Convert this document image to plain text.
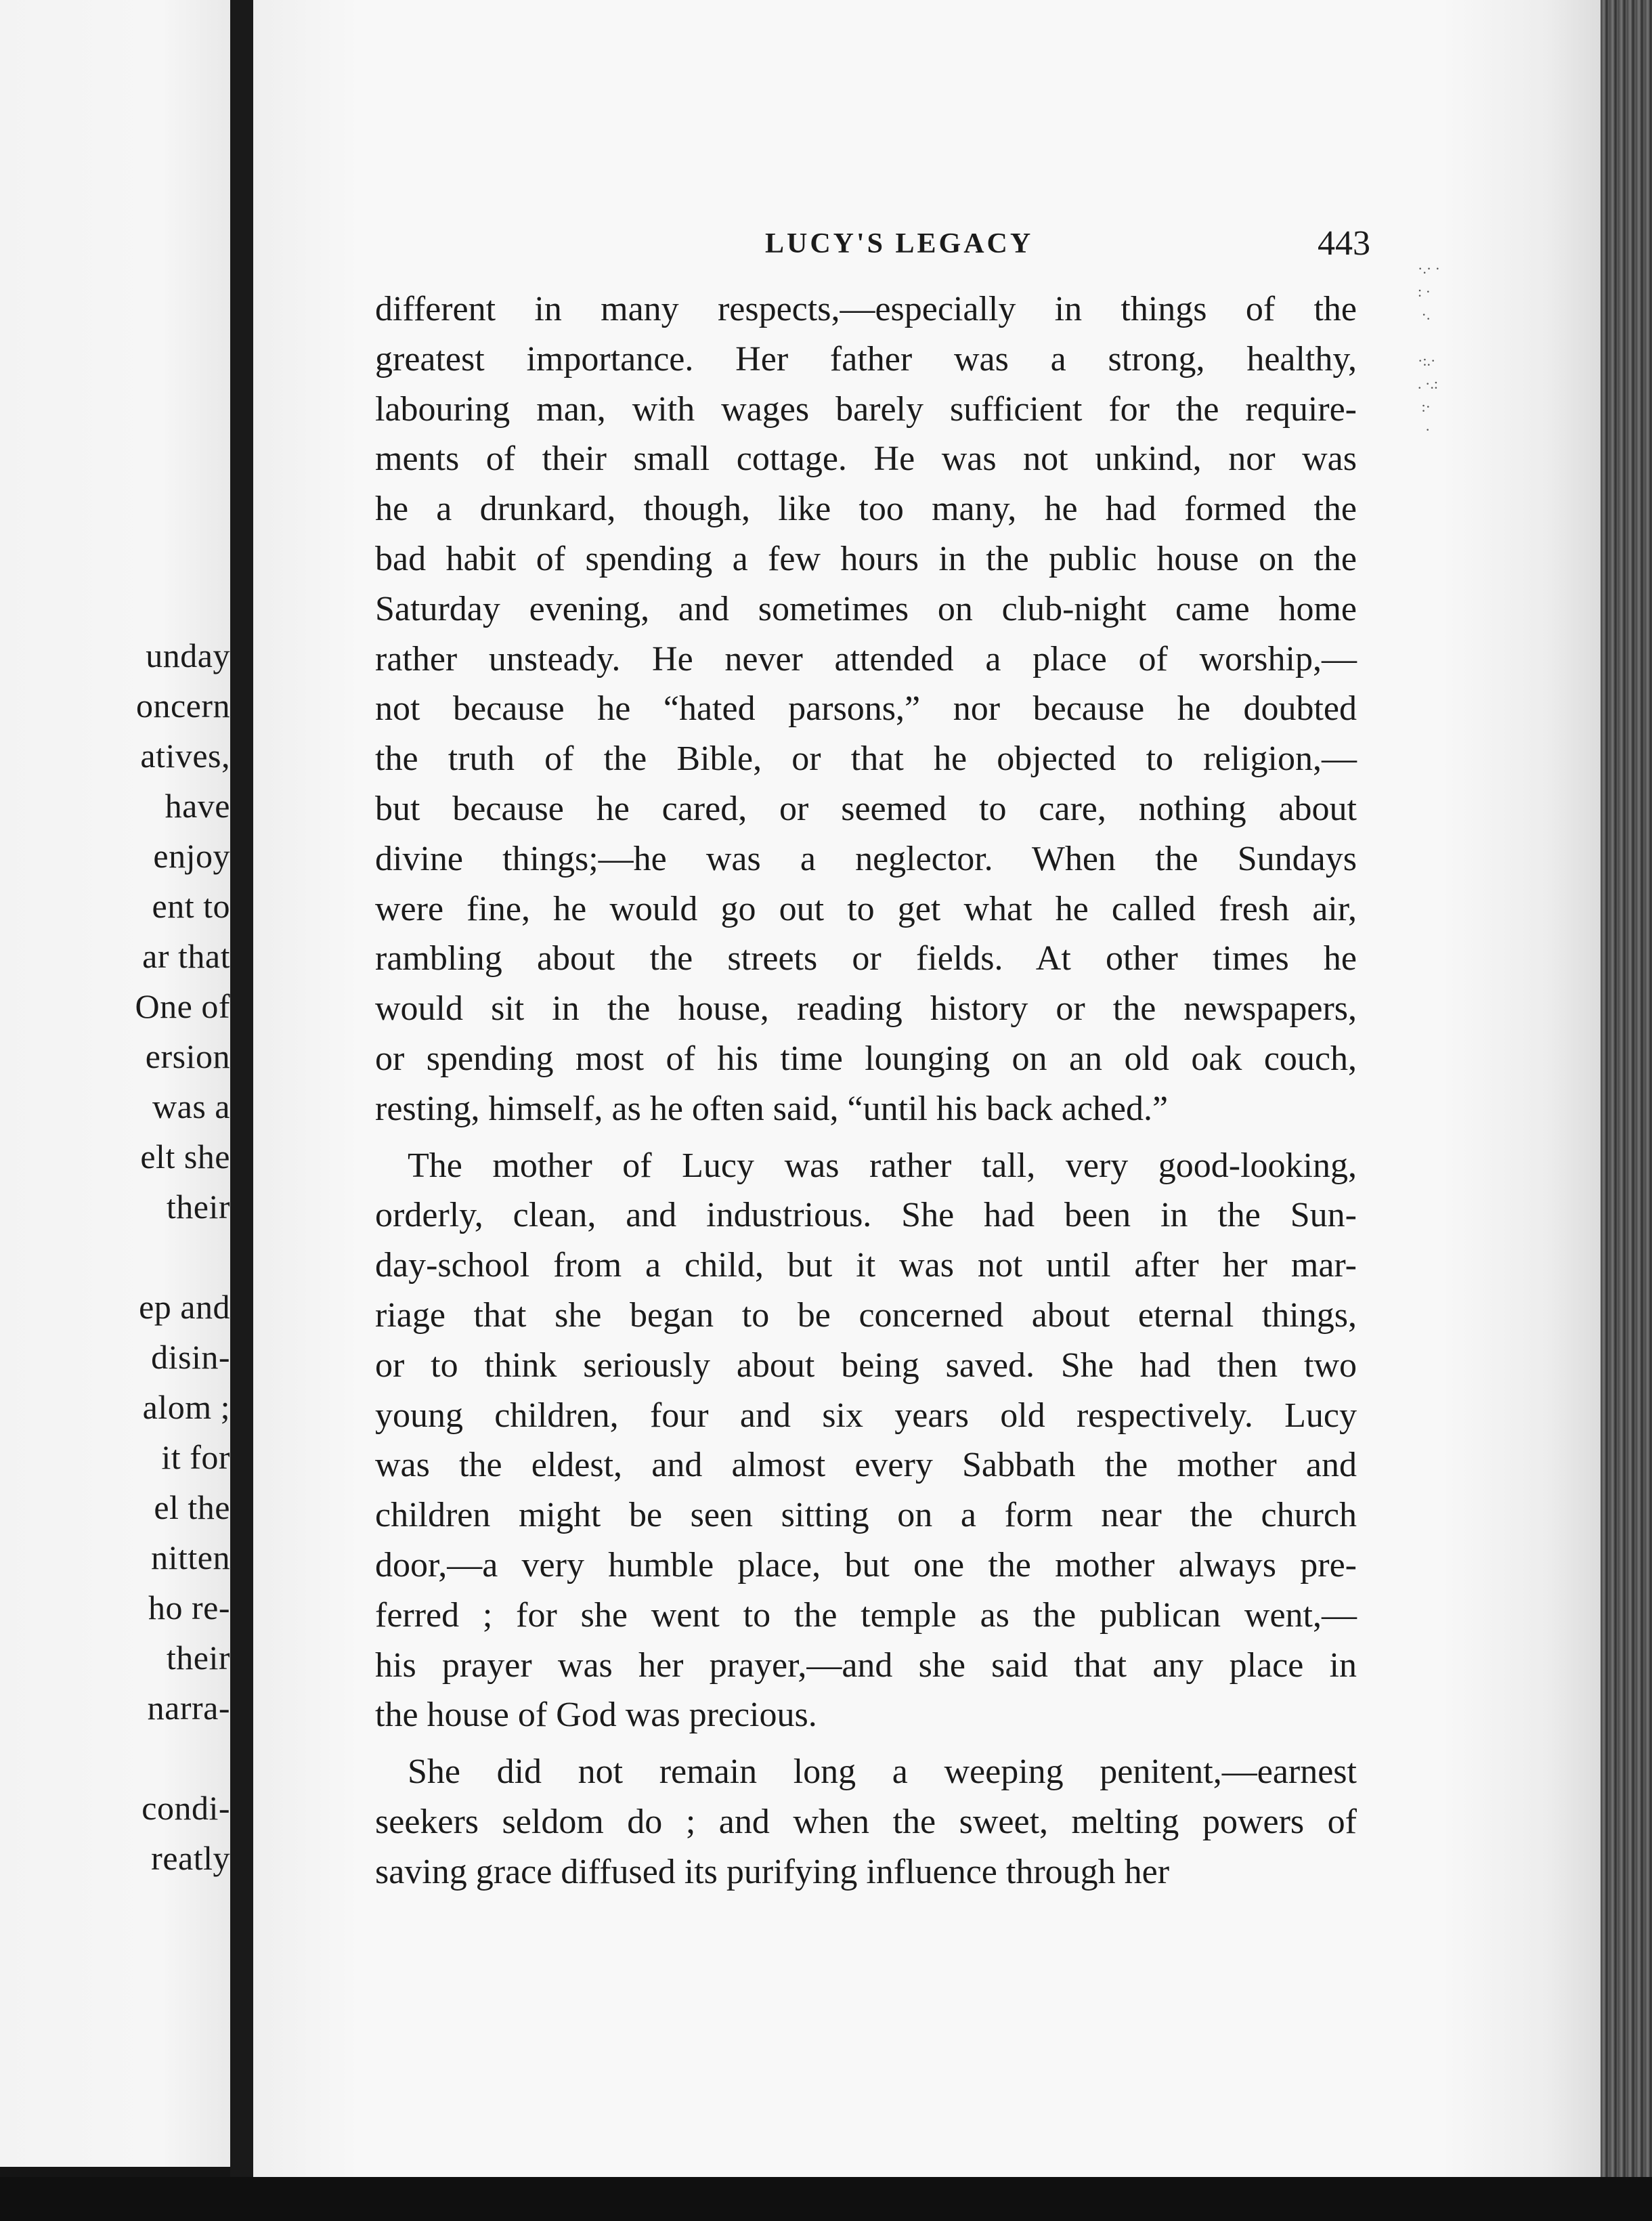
unday
oncern
atives,
have
enjoy
ent to
ar that
One of
ersion
was a
elt she
their
ep and
disin-
alom ;
it for
el the
nitten
ho re-
their
narra-
condi-
reatly
LUCY'S LEGACY	443
·.· ·
: ·
·.

·:.·
. ·.:
:·
·
different in many respects,—especially in things of the
greatest importance. Her father was a strong, healthy,
labouring man, with wages barely sufficient for the require-
ments of their small cottage. He was not unkind, nor was
he a drunkard, though, like too many, he had formed the
bad habit of spending a few hours in the public house on the
Saturday evening, and sometimes on club-night came home
rather unsteady. He never attended a place of worship,—
not because he “hated parsons,” nor because he doubted
the truth of the Bible, or that he objected to religion,—
but because he cared, or seemed to care, nothing about
divine things;—he was a neglector. When the Sundays
were fine, he would go out to get what he called fresh air,
rambling about the streets or fields. At other times he
would sit in the house, reading history or the newspapers,
or spending most of his time lounging on an old oak couch,
resting, himself, as he often said, “until his back ached.”
The mother of Lucy was rather tall, very good-looking,
orderly, clean, and industrious. She had been in the Sun-
day-school from a child, but it was not until after her mar-
riage that she began to be concerned about eternal things,
or to think seriously about being saved. She had then two
young children, four and six years old respectively. Lucy
was the eldest, and almost every Sabbath the mother and
children might be seen sitting on a form near the church
door,—a very humble place, but one the mother always pre-
ferred ; for she went to the temple as the publican went,—
his prayer was her prayer,—and she said that any place in
the house of God was precious.
She did not remain long a weeping penitent,—earnest
seekers seldom do ; and when the sweet, melting powers of
saving grace diffused its purifying influence through her
